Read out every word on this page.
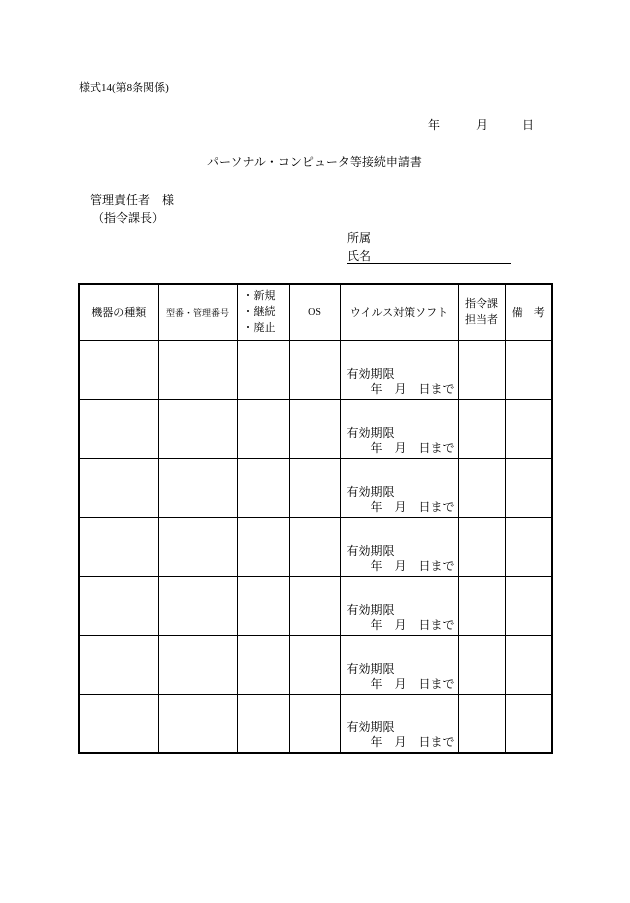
様式14(第8条関係)
年	月	日
パーソナル・コンピュータ等接続申請書
管理責任者　様
（指令課長）
所属
氏名
機器の種類	型番・管理番号	・新規
・継続
・廃止	OS	ウイルス対策ソフト	指令課
担当者	備　考

				有効期限
年　月　日まで		

				有効期限
年　月　日まで		

				有効期限
年　月　日まで		

				有効期限
年　月　日まで		

				有効期限
年　月　日まで		

				有効期限
年　月　日まで		

				有効期限
年　月　日まで		
